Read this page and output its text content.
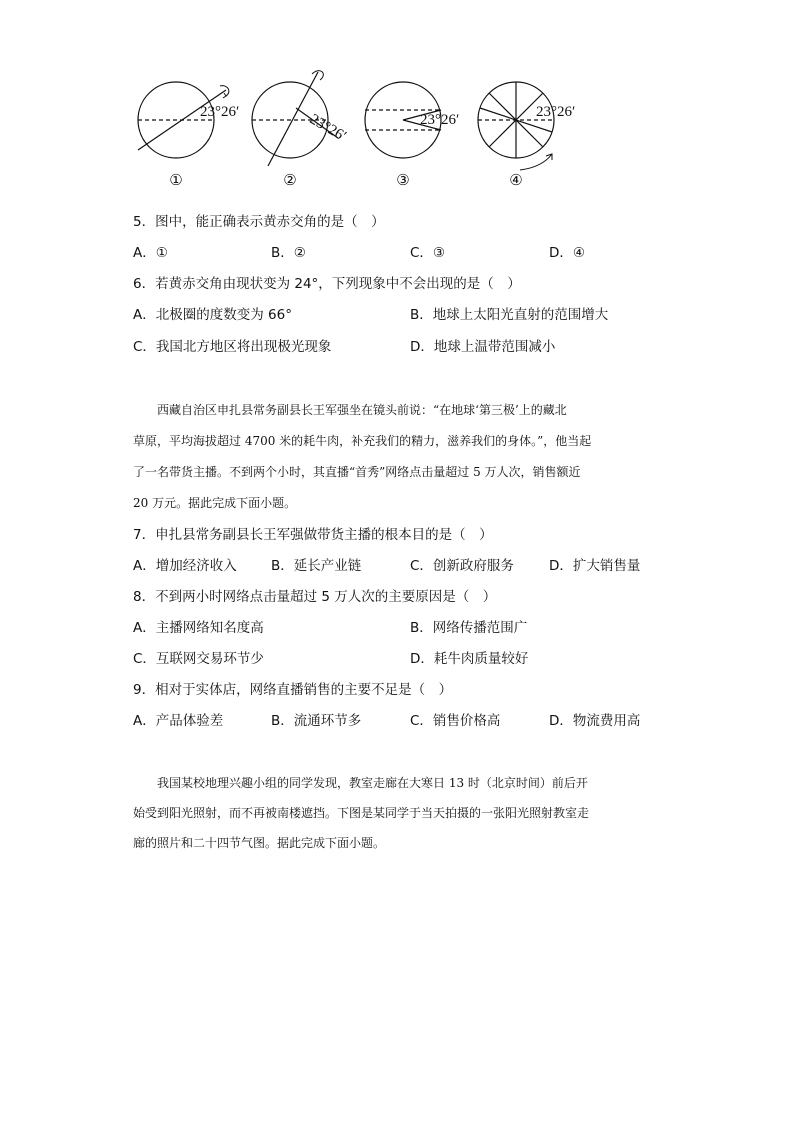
23°26′	23°26′	23°26′	23°26′
①	②	③	④
5．图中，能正确表示黄赤交角的是（　）
A．①	B．②	C．③	D．④
6．若黄赤交角由现状变为 24°，下列现象中不会出现的是（　）
A．北极圈的度数变为 66°	B．地球上太阳光直射的范围增大
C．我国北方地区将出现极光现象	D．地球上温带范围减小
西藏自治区申扎县常务副县长王军强坐在镜头前说：“在地球‘第三极’上的藏北
草原，平均海拔超过 4700 米的耗牛肉，补充我们的精力，滋养我们的身体。”，他当起
了一名带货主播。不到两个小时，其直播“首秀”网络点击量超过 5 万人次，销售额近
20 万元。据此完成下面小题。
7．申扎县常务副县长王军强做带货主播的根本目的是（　）
A．增加经济收入	B．延长产业链	C．创新政府服务	D．扩大销售量
8．不到两小时网络点击量超过 5 万人次的主要原因是（　）
A．主播网络知名度高	B．网络传播范围广
C．互联网交易环节少	D．耗牛肉质量较好
9．相对于实体店，网络直播销售的主要不足是（　）
A．产品体验差	B．流通环节多	C．销售价格高	D．物流费用高
我国某校地理兴趣小组的同学发现，教室走廊在大寒日 13 时（北京时间）前后开
始受到阳光照射，而不再被南楼遮挡。下图是某同学于当天拍摄的一张阳光照射教室走
廊的照片和二十四节气图。据此完成下面小题。
